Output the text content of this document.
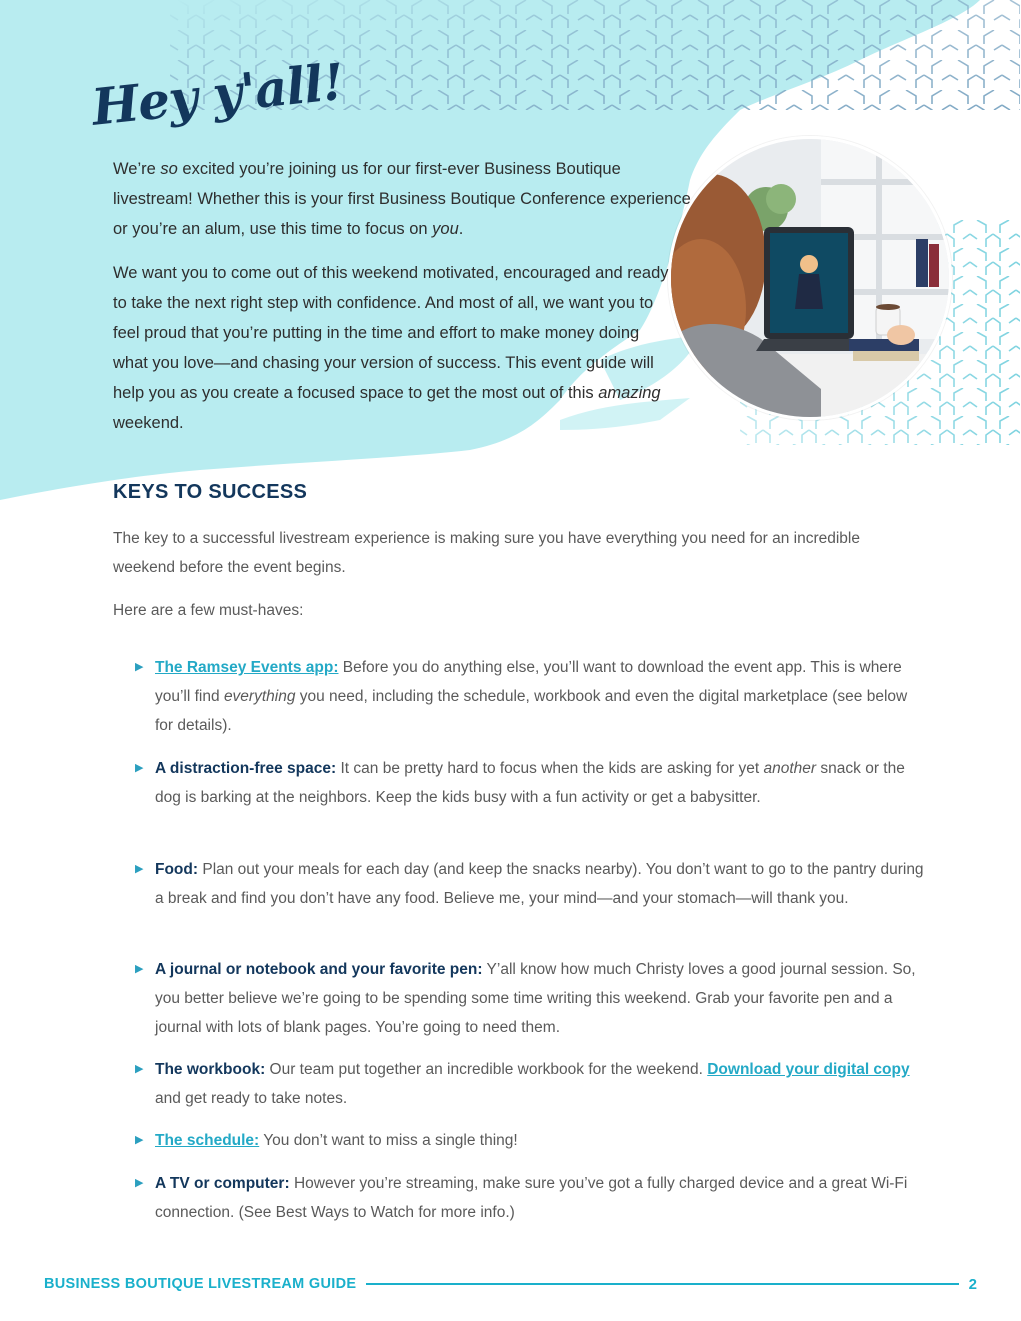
Hey y'all!

We’re so excited you’re joining us for our first-ever Business Boutique livestream! Whether this is your first Business Boutique Conference experience or you’re an alum, use this time to focus on you.

We want you to come out of this weekend motivated, encouraged and ready to take the next right step with confidence. And most of all, we want you to feel proud that you’re putting in the time and effort to make money doing what you love—and chasing your version of success. This event guide will help you as you create a focused space to get the most out of this amazing weekend.

KEYS TO SUCCESS

The key to a successful livestream experience is making sure you have everything you need for an incredible weekend before the event begins.

Here are a few must-haves:

▶ The Ramsey Events app: Before you do anything else, you’ll want to download the event app. This is where you’ll find everything you need, including the schedule, workbook and even the digital marketplace (see below for details).
▶ A distraction-free space: It can be pretty hard to focus when the kids are asking for yet another snack or the dog is barking at the neighbors. Keep the kids busy with a fun activity or get a babysitter.
▶ Food: Plan out your meals for each day (and keep the snacks nearby). You don’t want to go to the pantry during a break and find you don’t have any food. Believe me, your mind—and your stomach—will thank you.
▶ A journal or notebook and your favorite pen: Y’all know how much Christy loves a good journal session. So, you better believe we’re going to be spending some time writing this weekend. Grab your favorite pen and a journal with lots of blank pages. You’re going to need them.
▶ The workbook: Our team put together an incredible workbook for the weekend. Download your digital copy and get ready to take notes.
▶ The schedule: You don’t want to miss a single thing!
▶ A TV or computer: However you’re streaming, make sure you’ve got a fully charged device and a great Wi-Fi connection. (See Best Ways to Watch for more info.)
BUSINESS BOUTIQUE LIVESTREAM GUIDE	2
